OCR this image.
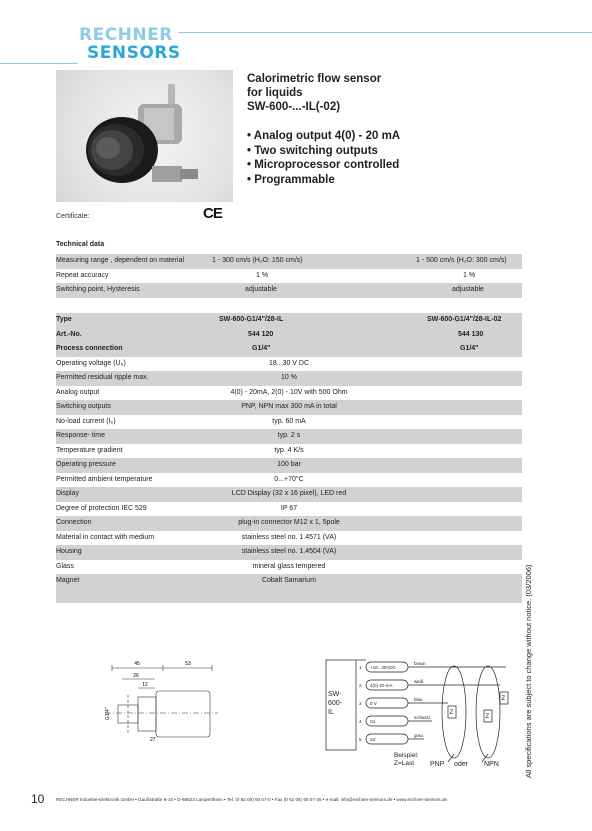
RECHNER
SENSORS
Calorimetric flow sensor
for liquids
SW-600-...-IL(-02)
• Analog output 4(0) - 20 mA
• Two switching outputs
• Microprocessor controlled
• Programmable
Certificate:	CE
Technical data
Measuring range , dependent on material	1 - 300 cm/s (H₂O: 150 cm/s)	1 - 500 cm/s (H₂O: 300 cm/s)
Repeat accuracy	1 %	1 %
Switching point, Hysteresis	adjustable	adjustable
Type	SW-600-G1/4"/28-IL	SW-600-G1/4"/28-IL-02
Art.-No.	544 120	544 130
Process connection	G1/4"	G1/4"
Operating voltage (U₈)	18...30 V DC
Permitted residual ripple max.	10 %
Analog output	4(0) - 20mA, 2(0) - 10V with 500 Ohm
Switching outputs	PNP, NPN max 300 mA in total
No-load current (I₀)	typ. 60 mA
Response- time	typ. 2 s
Temperature gradient	typ. 4 K/s
Operating pressure	100 bar
Permitted ambient temperature	0...+70°C
Display	LCD Display (32 x 16 pixel), LED red
Degree of protection IEC 529	IP 67
Connection	plug-in connector M12 x 1, 5pole
Material in contact with medium	stainless steel no. 1.4571 (VA)
Housing	stainless steel no. 1.4504 (VA)
Glass	mineral glass tempered
Magnet	Cobalt Samarium
45	53
26
12
G1/4"
27
SW-
600-
IL
1
2
3
4
5
+18...30VDC
4(0)-20 mA
0 V
S1
S2
braun
weiß
blau
schwarz
grau
Z
Z
Z
Beispiel:
Z=Last PNP oder NPN	All specifications are subject to change without notice. (03/2006)
10	RECHNER Industrie-Elektronik GmbH • Gaußstraße 8-10 • D-68623 Lampertheim • Tel. (0 62 06) 50 07-0 • Fax (0 62 06) 50 07-36 • e-mail: info@rechner-sensors.de • www.rechner-sensors.de
